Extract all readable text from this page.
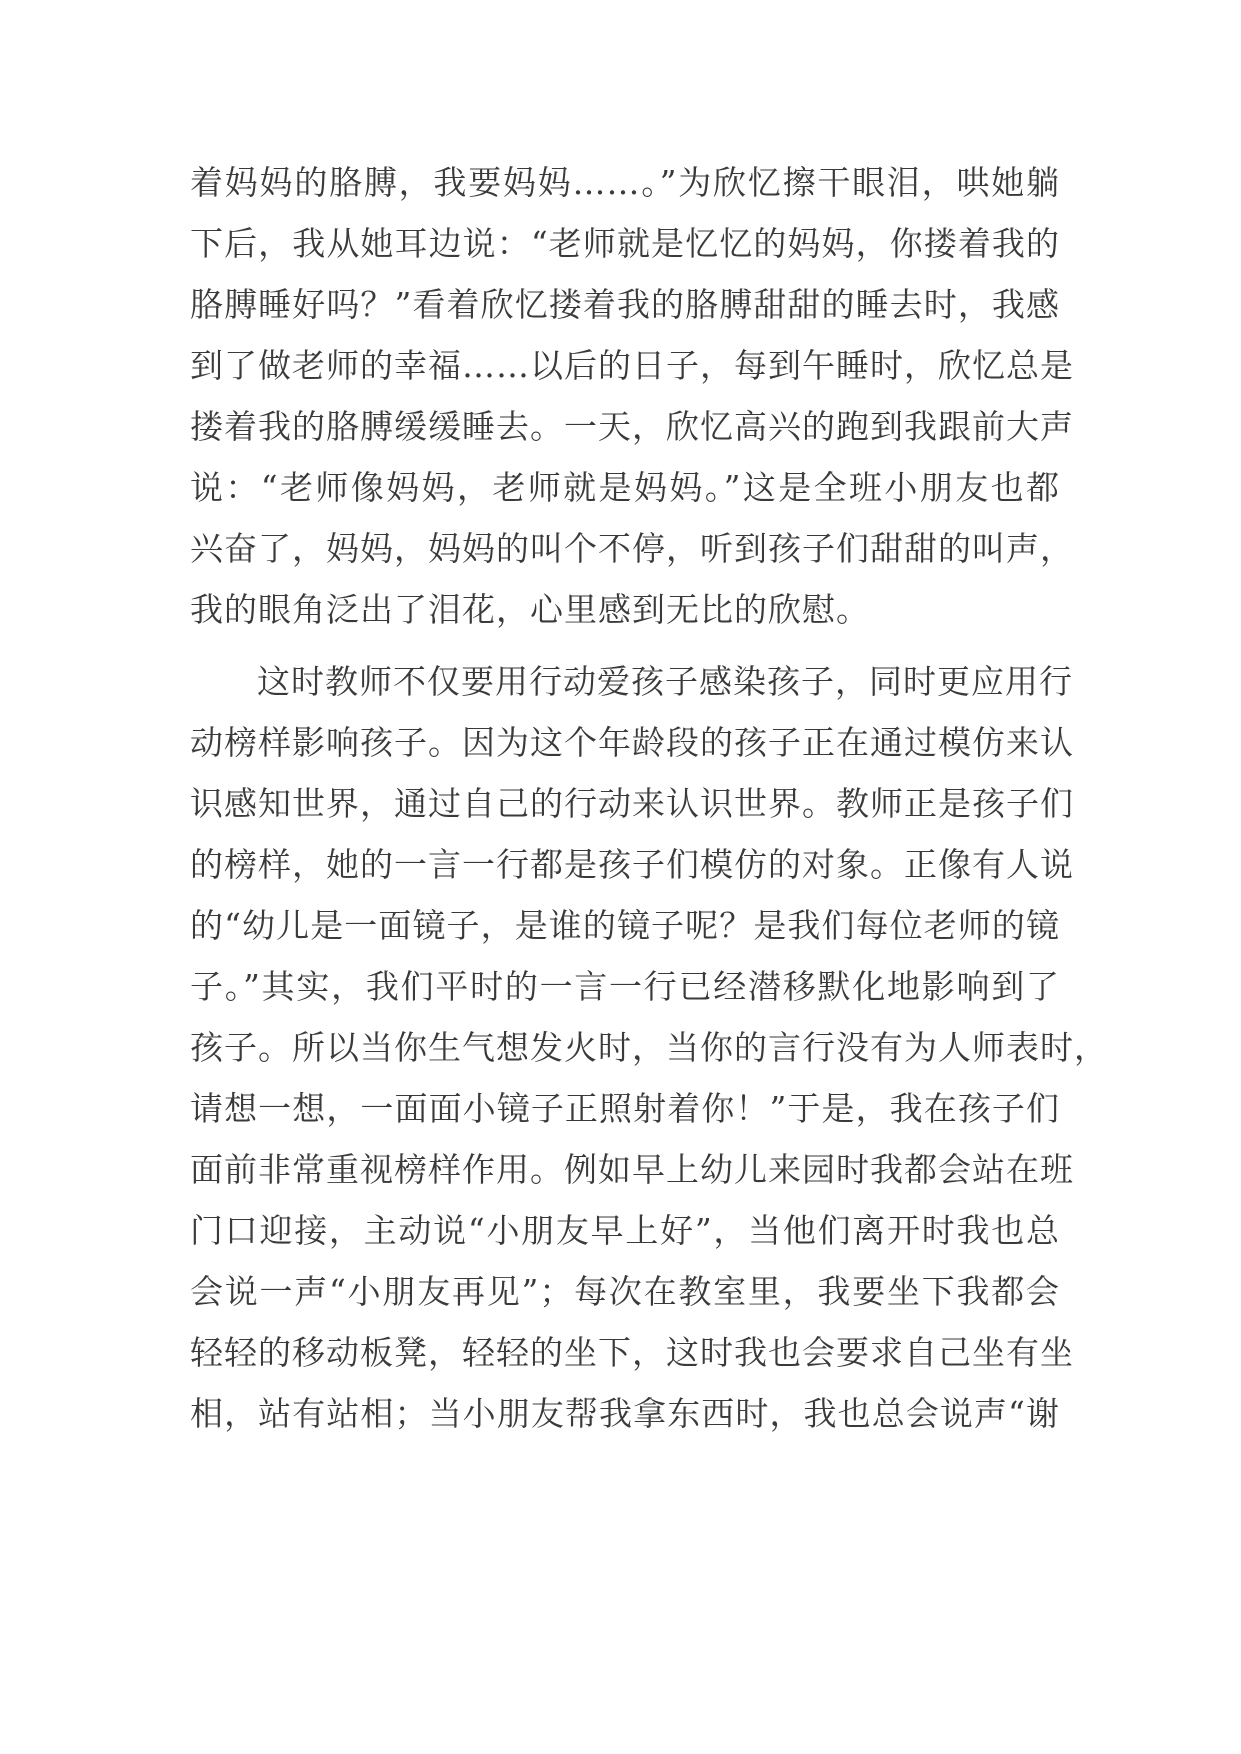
着妈妈的胳膊，我要妈妈……。”为欣忆擦干眼泪，哄她躺
下后，我从她耳边说：“老师就是忆忆的妈妈，你搂着我的
胳膊睡好吗？”看着欣忆搂着我的胳膊甜甜的睡去时，我感
到了做老师的幸福……以后的日子，每到午睡时，欣忆总是
搂着我的胳膊缓缓睡去。一天，欣忆高兴的跑到我跟前大声
说：“老师像妈妈，老师就是妈妈。”这是全班小朋友也都
兴奋了，妈妈，妈妈的叫个不停，听到孩子们甜甜的叫声，
我的眼角泛出了泪花，心里感到无比的欣慰。
这时教师不仅要用行动爱孩子感染孩子，同时更应用行
动榜样影响孩子。因为这个年龄段的孩子正在通过模仿来认
识感知世界，通过自己的行动来认识世界。教师正是孩子们
的榜样，她的一言一行都是孩子们模仿的对象。正像有人说
的“幼儿是一面镜子，是谁的镜子呢？是我们每位老师的镜
子。”其实，我们平时的一言一行已经潜移默化地影响到了
孩子。所以当你生气想发火时，当你的言行没有为人师表时，
请想一想，一面面小镜子正照射着你！”于是，我在孩子们
面前非常重视榜样作用。例如早上幼儿来园时我都会站在班
门口迎接，主动说“小朋友早上好”，当他们离开时我也总
会说一声“小朋友再见”；每次在教室里，我要坐下我都会
轻轻的移动板凳，轻轻的坐下，这时我也会要求自己坐有坐
相，站有站相；当小朋友帮我拿东西时，我也总会说声“谢
